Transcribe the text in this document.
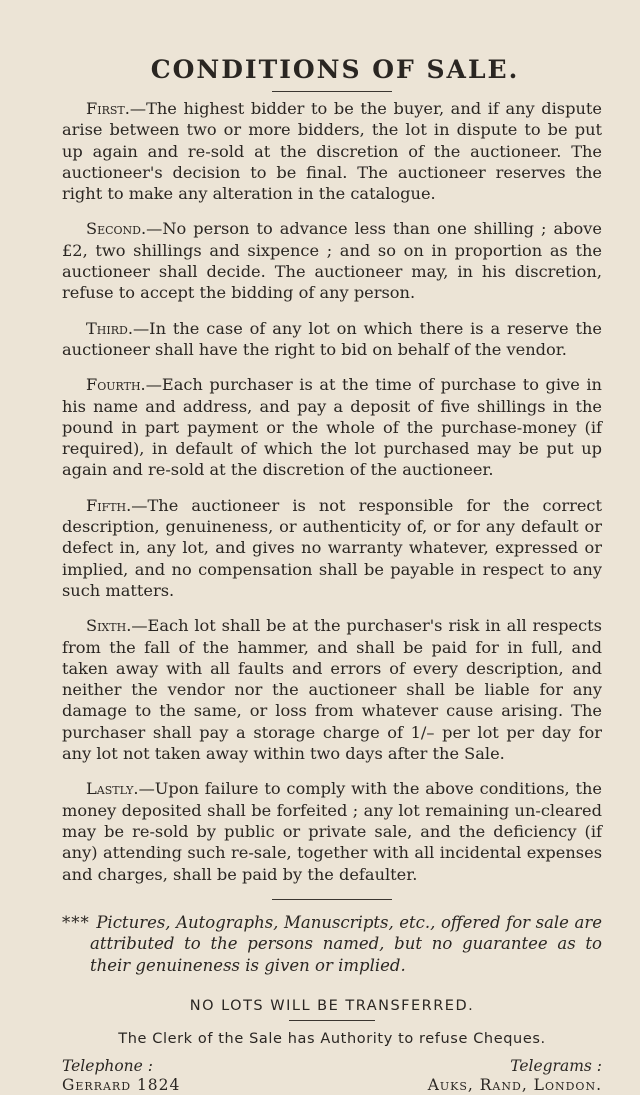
CONDITIONS OF SALE.

First.—The highest bidder to be the buyer, and if any dispute arise between two or more bidders, the lot in dispute to be put up again and re-sold at the discretion of the auctioneer. The auctioneer's decision to be final. The auctioneer reserves the right to make any alteration in the catalogue.

Second.—No person to advance less than one shilling ; above £2, two shillings and sixpence ; and so on in proportion as the auctioneer shall decide. The auctioneer may, in his discretion, refuse to accept the bidding of any person.

Third.—In the case of any lot on which there is a reserve the auctioneer shall have the right to bid on behalf of the vendor.

Fourth.—Each purchaser is at the time of purchase to give in his name and address, and pay a deposit of five shillings in the pound in part payment or the whole of the purchase-money (if required), in default of which the lot purchased may be put up again and re-sold at the discretion of the auctioneer.

Fifth.—The auctioneer is not responsible for the correct description, genuineness, or authenticity of, or for any default or defect in, any lot, and gives no warranty whatever, expressed or implied, and no compensation shall be payable in respect to any such matters.

Sixth.—Each lot shall be at the purchaser's risk in all respects from the fall of the hammer, and shall be paid for in full, and taken away with all faults and errors of every description, and neither the vendor nor the auctioneer shall be liable for any damage to the same, or loss from whatever cause arising. The purchaser shall pay a storage charge of 1/– per lot per day for any lot not taken away within two days after the Sale.

Lastly.—Upon failure to comply with the above conditions, the money deposited shall be forfeited ; any lot remaining un-cleared may be re-sold by public or private sale, and the deficiency (if any) attending such re-sale, together with all incidental expenses and charges, shall be paid by the defaulter.

*** Pictures, Autographs, Manuscripts, etc., offered for sale are attributed to the persons named, but no guarantee as to their genuineness is given or implied.

NO LOTS WILL BE TRANSFERRED.

The Clerk of the Sale has Authority to refuse Cheques.

Telephone :
Gerrard 1824
Telegrams :
Auks, Rand, London.
